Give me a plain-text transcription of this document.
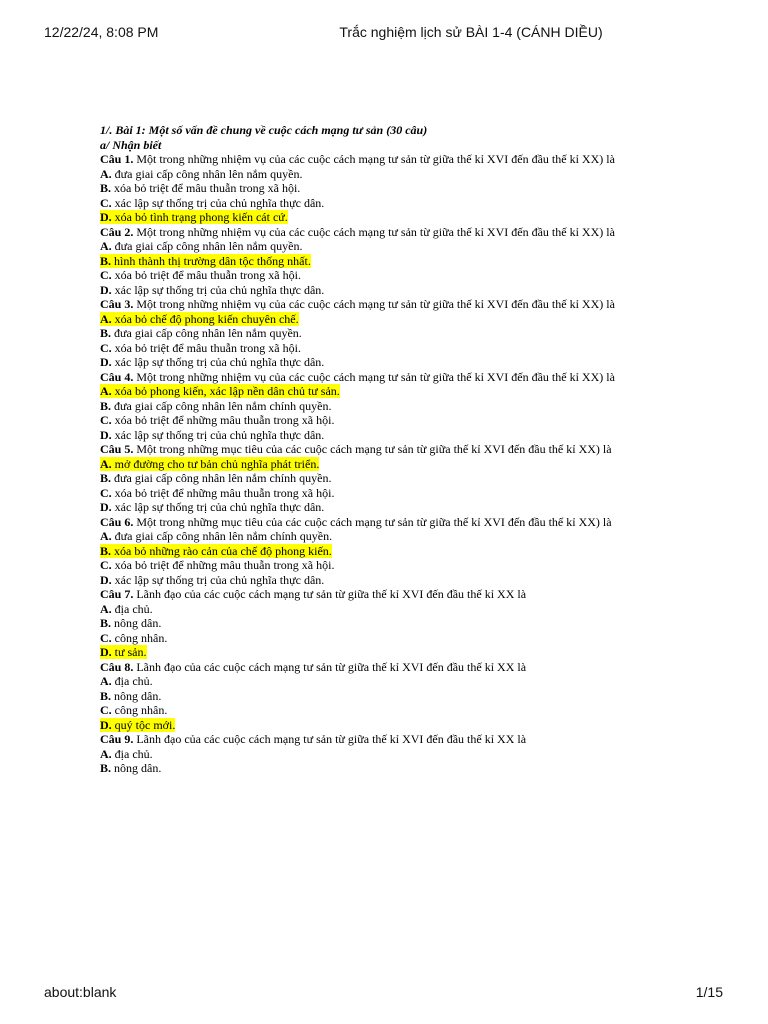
12/22/24, 8:08 PM	Trắc nghiệm lịch sử BÀI 1-4 (CÁNH DIỀU)
1/. Bài 1: Một số vấn đề chung về cuộc cách mạng tư sản (30 câu)
a/ Nhận biết
Câu 1. Một trong những nhiệm vụ của các cuộc cách mạng tư sản từ giữa thế kỉ XVI đến đầu thế kỉ XX) là
A. đưa giai cấp công nhân lên nắm quyền.
B. xóa bỏ triệt để mâu thuẫn trong xã hội.
C. xác lập sự thống trị của chủ nghĩa thực dân.
D. xóa bỏ tình trạng phong kiến cát cứ.
Câu 2. Một trong những nhiệm vụ của các cuộc cách mạng tư sản từ giữa thế kỉ XVI đến đầu thế kỉ XX) là
A. đưa giai cấp công nhân lên nắm quyền.
B. hình thành thị trường dân tộc thống nhất.
C. xóa bỏ triệt để mâu thuẫn trong xã hội.
D. xác lập sự thống trị của chủ nghĩa thực dân.
Câu 3. Một trong những nhiệm vụ của các cuộc cách mạng tư sản từ giữa thế kỉ XVI đến đầu thế kỉ XX) là
A. xóa bỏ chế độ phong kiến chuyên chế.
B. đưa giai cấp công nhân lên nắm quyền.
C. xóa bỏ triệt để mâu thuẫn trong xã hội.
D. xác lập sự thống trị của chủ nghĩa thực dân.
Câu 4. Một trong những nhiệm vụ của các cuộc cách mạng tư sản từ giữa thế kỉ XVI đến đầu thế kỉ XX) là
A. xóa bỏ phong kiến, xác lập nền dân chủ tư sản.
B. đưa giai cấp công nhân lên nắm chính quyền.
C. xóa bỏ triệt để những mâu thuẫn trong xã hội.
D. xác lập sự thống trị của chủ nghĩa thực dân.
Câu 5. Một trong những mục tiêu của các cuộc cách mạng tư sản từ giữa thế kỉ XVI đến đầu thế kỉ XX) là
A. mở đường cho tư bản chủ nghĩa phát triển.
B. đưa giai cấp công nhân lên nắm chính quyền.
C. xóa bỏ triệt để những mâu thuẫn trong xã hội.
D. xác lập sự thống trị của chủ nghĩa thực dân.
Câu 6. Một trong những mục tiêu của các cuộc cách mạng tư sản từ giữa thế kỉ XVI đến đầu thế kỉ XX) là
A. đưa giai cấp công nhân lên nắm chính quyền.
B. xóa bỏ những rào cản của chế độ phong kiến.
C. xóa bỏ triệt để những mâu thuẫn trong xã hội.
D. xác lập sự thống trị của chủ nghĩa thực dân.
Câu 7. Lãnh đạo của các cuộc cách mạng tư sản từ giữa thế kỉ XVI đến đầu thế kỉ XX là
A. địa chủ.
B. nông dân.
C. công nhân.
D. tư sản.
Câu 8. Lãnh đạo của các cuộc cách mạng tư sản từ giữa thế kỉ XVI đến đầu thế kỉ XX là
A. địa chủ.
B. nông dân.
C. công nhân.
D. quý tộc mới.
Câu 9. Lãnh đạo của các cuộc cách mạng tư sản từ giữa thế kỉ XVI đến đầu thế kỉ XX là
A. địa chủ.
B. nông dân.
about:blank	1/15
